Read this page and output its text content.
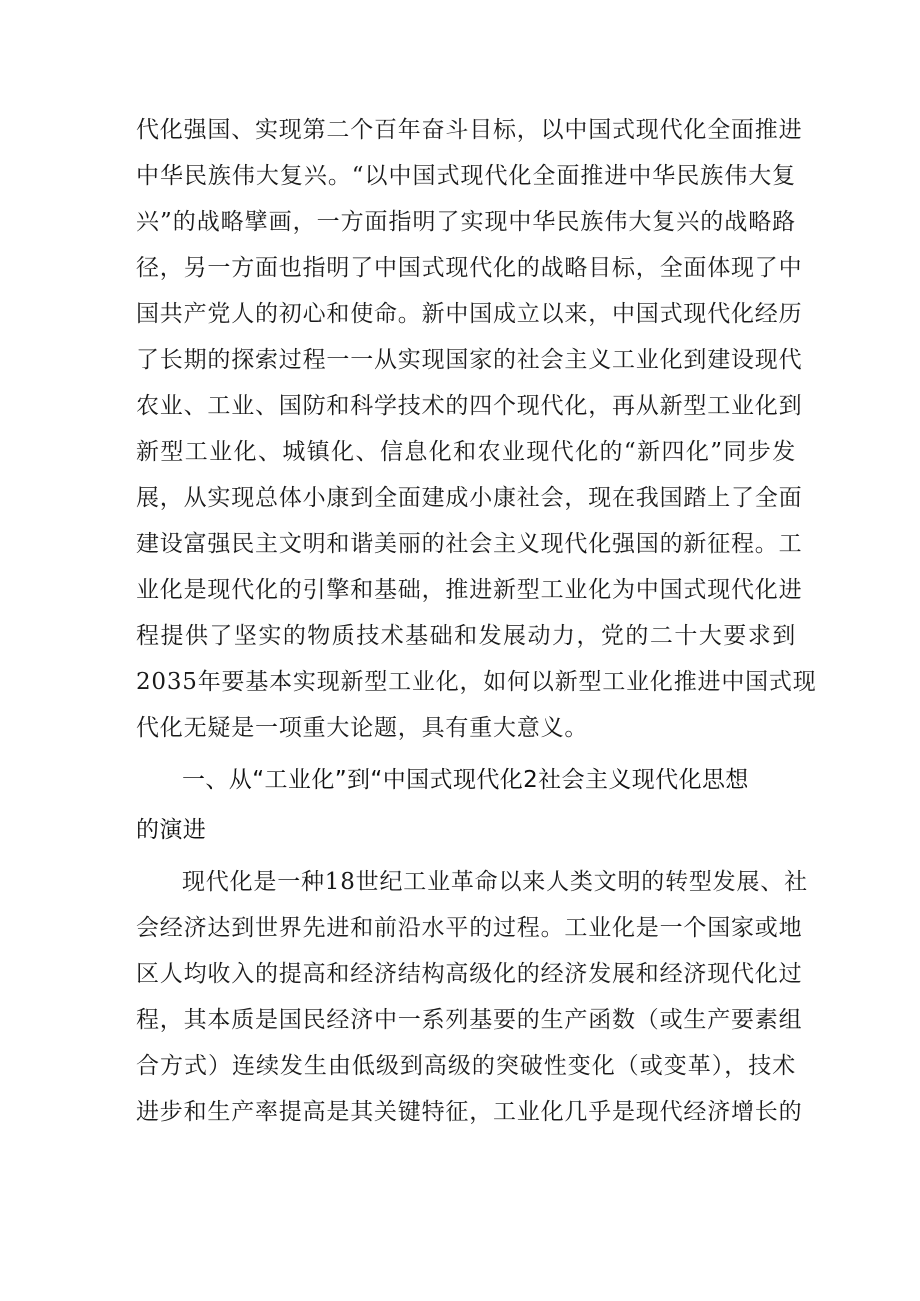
代化强国、实现第二个百年奋斗目标，以中国式现代化全面推进
中华民族伟大复兴。“以中国式现代化全面推进中华民族伟大复
兴”的战略擘画，一方面指明了实现中华民族伟大复兴的战略路
径，另一方面也指明了中国式现代化的战略目标，全面体现了中
国共产党人的初心和使命。新中国成立以来，中国式现代化经历
了长期的探索过程一一从实现国家的社会主义工业化到建设现代
农业、工业、国防和科学技术的四个现代化，再从新型工业化到
新型工业化、城镇化、信息化和农业现代化的“新四化”同步发
展，从实现总体小康到全面建成小康社会，现在我国踏上了全面
建设富强民主文明和谐美丽的社会主义现代化强国的新征程。工
业化是现代化的引擎和基础，推进新型工业化为中国式现代化进
程提供了坚实的物质技术基础和发展动力，党的二十大要求到
2035年要基本实现新型工业化，如何以新型工业化推进中国式现
代化无疑是一项重大论题，具有重大意义。
一、从“工业化”到“中国式现代化2社会主义现代化思想
的演进
现代化是一种18世纪工业革命以来人类文明的转型发展、社
会经济达到世界先进和前沿水平的过程。工业化是一个国家或地
区人均收入的提高和经济结构高级化的经济发展和经济现代化过
程，其本质是国民经济中一系列基要的生产函数（或生产要素组
合方式）连续发生由低级到高级的突破性变化（或变革），技术
进步和生产率提高是其关键特征，工业化几乎是现代经济增长的
